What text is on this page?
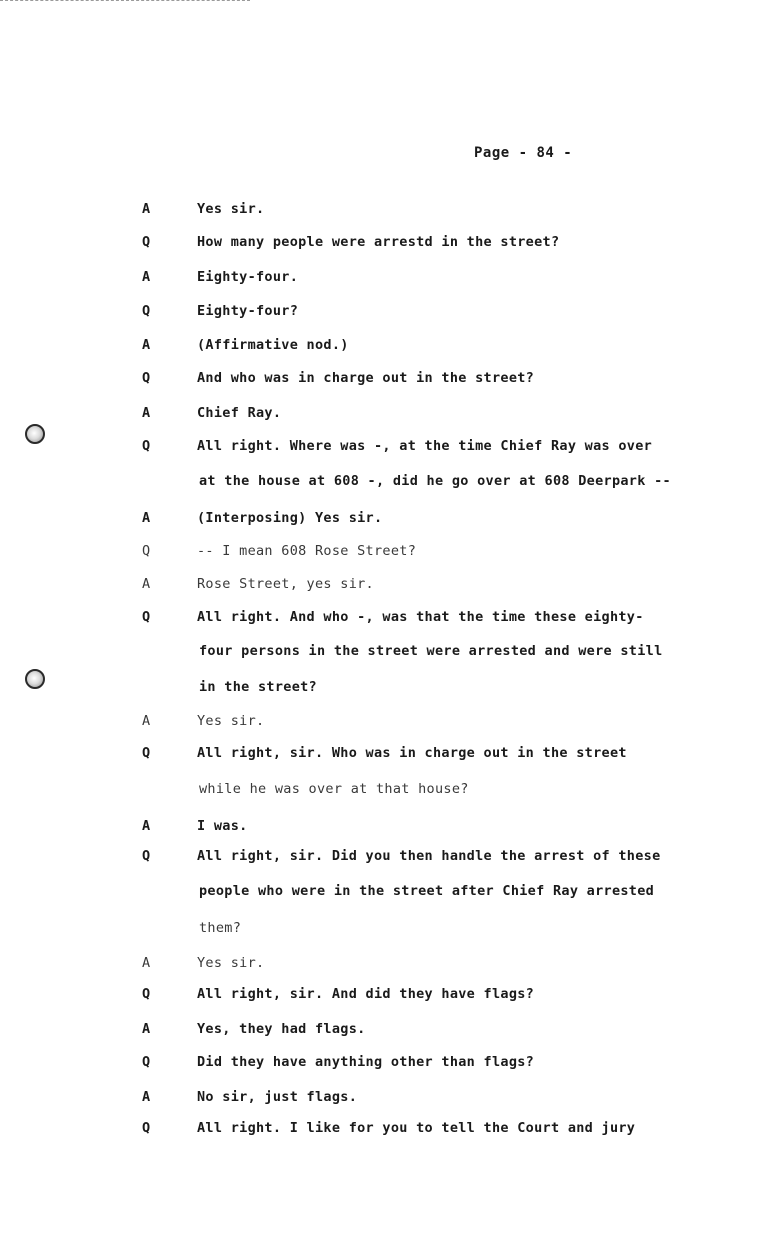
Page - 84 -
A	Yes sir.
Q	How many people were arrestd in the street?
A	Eighty-four.
Q	Eighty-four?
A	(Affirmative nod.)
Q	And who was in charge out in the street?
A	Chief Ray.
Q	All right. Where was -, at the time Chief Ray was over
at the house at 608 -, did he go over at 608 Deerpark --
A	(Interposing) Yes sir.
Q	-- I mean 608 Rose Street?
A	Rose Street, yes sir.
Q	All right. And who -, was that the time these eighty-
four persons in the street were arrested and were still
in the street?
A	Yes sir.
Q	All right, sir. Who was in charge out in the street
while he was over at that house?
A	I was.
Q	All right, sir. Did you then handle the arrest of these
people who were in the street after Chief Ray arrested
them?
A	Yes sir.
Q	All right, sir. And did they have flags?
A	Yes, they had flags.
Q	Did they have anything other than flags?
A	No sir, just flags.
Q	All right. I like for you to tell the Court and jury
